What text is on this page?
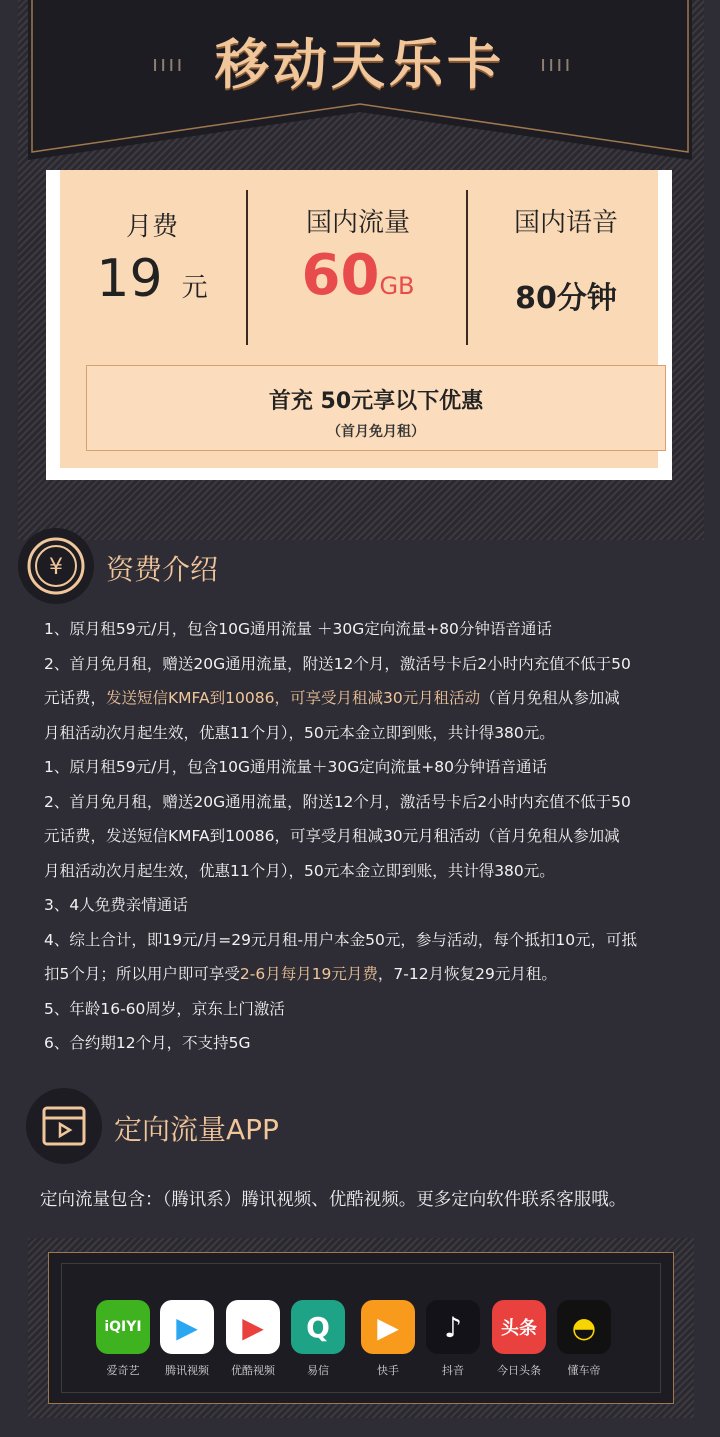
ıııı	ıııı
移动天乐卡
月费
19 元
国内流量
60GB
国内语音
80分钟
首充 50元享以下优惠
（首月免月租）
¥ 资费介绍
1、原月租59元/月，包含10G通用流量 ＋30G定向流量+80分钟语音通话
2、首月免月租，赠送20G通用流量，附送12个月，激活号卡后2小时内充值不低于50
元话费，发送短信KMFA到10086，可享受月租减30元月租活动（首月免租从参加减
月租活动次月起生效，优惠11个月），50元本金立即到账，共计得380元。
1、原月租59元/月，包含10G通用流量＋30G定向流量+80分钟语音通话
2、首月免月租，赠送20G通用流量，附送12个月，激活号卡后2小时内充值不低于50
元话费，发送短信KMFA到10086，可享受月租减30元月租活动（首月免租从参加减
月租活动次月起生效，优惠11个月），50元本金立即到账，共计得380元。
3、4人免费亲情通话
4、综上合计，即19元/月=29元月租-用户本金50元，参与活动，每个抵扣10元，可抵
扣5个月；所以用户即可享受2-6月每月19元月费，7-12月恢复29元月租。
5、年龄16-60周岁，京东上门激活
6、合约期12个月，不支持5G
定向流量APP
定向流量包含：（腾讯系）腾讯视频、优酷视频。更多定向软件联系客服哦。
iQIYI
爱奇艺
▶
腾讯视频
▶
优酷视频
Q
易信
▶
快手
♪
抖音
头条
今日头条
◓
懂车帝
